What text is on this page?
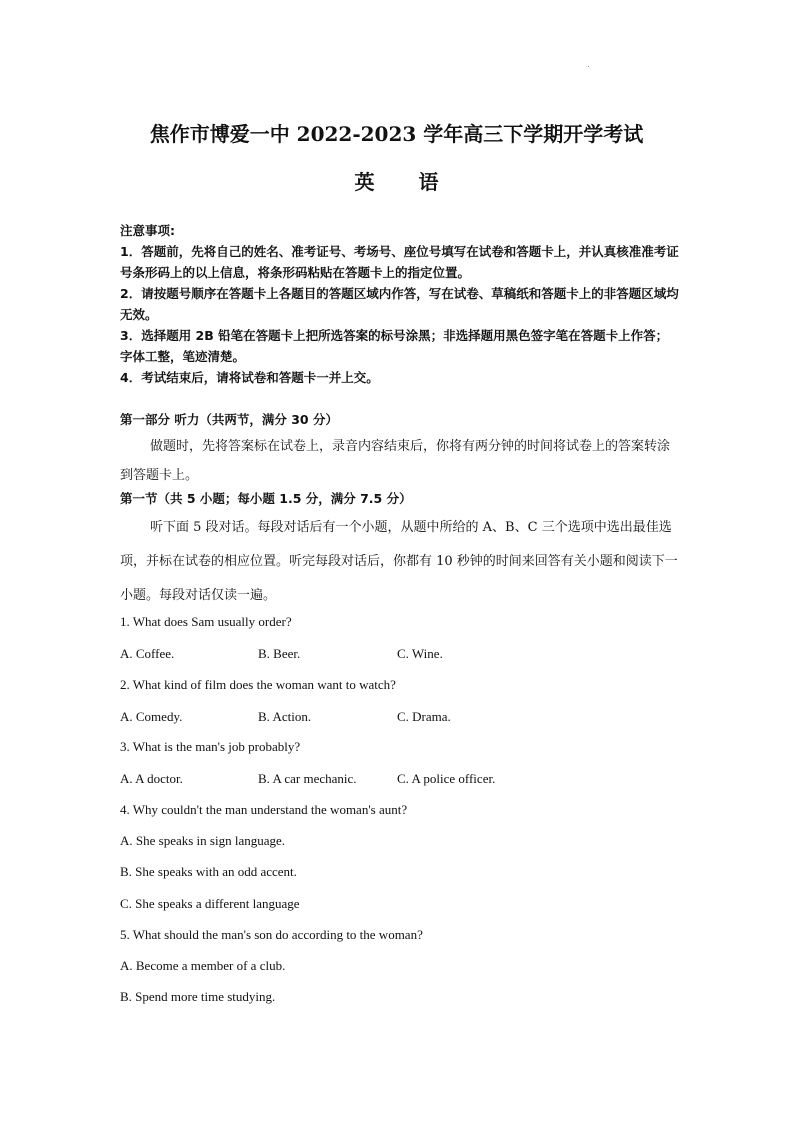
焦作市博爱一中 2022-2023 学年高三下学期开学考试
英 语

注意事项:

1．答题前，先将自己的姓名、准考证号、考场号、座位号填写在试卷和答题卡上，并认真核准准考证号条形码上的以上信息，将条形码粘贴在答题卡上的指定位置。

2．请按题号顺序在答题卡上各题目的答题区域内作答，写在试卷、草稿纸和答题卡上的非答题区域均无效。

3．选择题用 2B 铅笔在答题卡上把所选答案的标号涂黑；非选择题用黑色签字笔在答题卡上作答；字体工整，笔迹清楚。

4．考试结束后，请将试卷和答题卡一并上交。

第一部分 听力（共两节，满分 30 分）

做题时，先将答案标在试卷上，录音内容结束后，你将有两分钟的时间将试卷上的答案转涂到答题卡上。

第一节（共 5 小题；每小题 1.5 分，满分 7.5 分）

听下面 5 段对话。每段对话后有一个小题，从题中所给的 A、B、C 三个选项中选出最佳选项，并标在试卷的相应位置。听完每段对话后，你都有 10 秒钟的时间来回答有关小题和阅读下一小题。每段对话仅读一遍。

1. What does Sam usually order?
A. Coffee.	B. Beer.	C. Wine.
2. What kind of film does the woman want to watch?
A. Comedy.	B. Action.	C. Drama.
3. What is the man's job probably?
A. A doctor.	B. A car mechanic.	C. A police officer.
4. Why couldn't the man understand the woman's aunt?
A. She speaks in sign language.
B. She speaks with an odd accent.
C. She speaks a different language
5. What should the man's son do according to the woman?
A. Become a member of a club.
B. Spend more time studying.
